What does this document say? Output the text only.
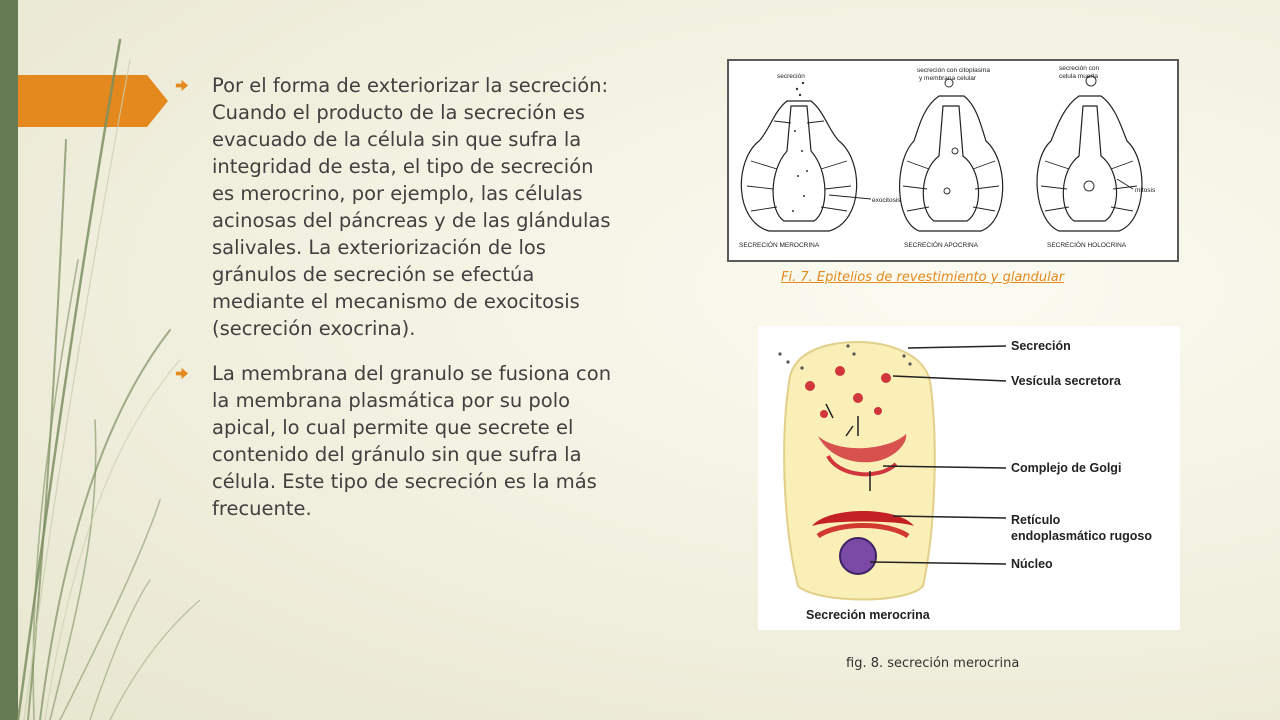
Por el forma de exteriorizar la secreción: Cuando el producto de la secreción es evacuado de la célula sin que sufra la integridad de esta, el tipo de secreción es merocrino, por ejemplo, las células acinosas del páncreas y de las glándulas salivales. La exteriorización de los gránulos de secreción se efectúa mediante el mecanismo de exocitosis (secreción exocrina).
La membrana del granulo se fusiona con la membrana plasmática por su polo apical, lo cual permite que secrete el contenido del gránulo sin que sufra la célula. Este tipo de secreción es la más frecuente.
secreción
secreción con citoplasma
y membrana celular
secreción con
celula muerta
exocitosis
mitosis
SECRECIÓN MEROCRINA	SECRECIÓN APOCRINA	SECRECIÓN HOLOCRINA
Fi. 7. Epitelios de revestimiento y glandular
Secreción
Vesícula secretora
Complejo de Golgi
Retículo
endoplasmático rugoso
Núcleo
Secreción merocrina
fig. 8. secreción merocrina
